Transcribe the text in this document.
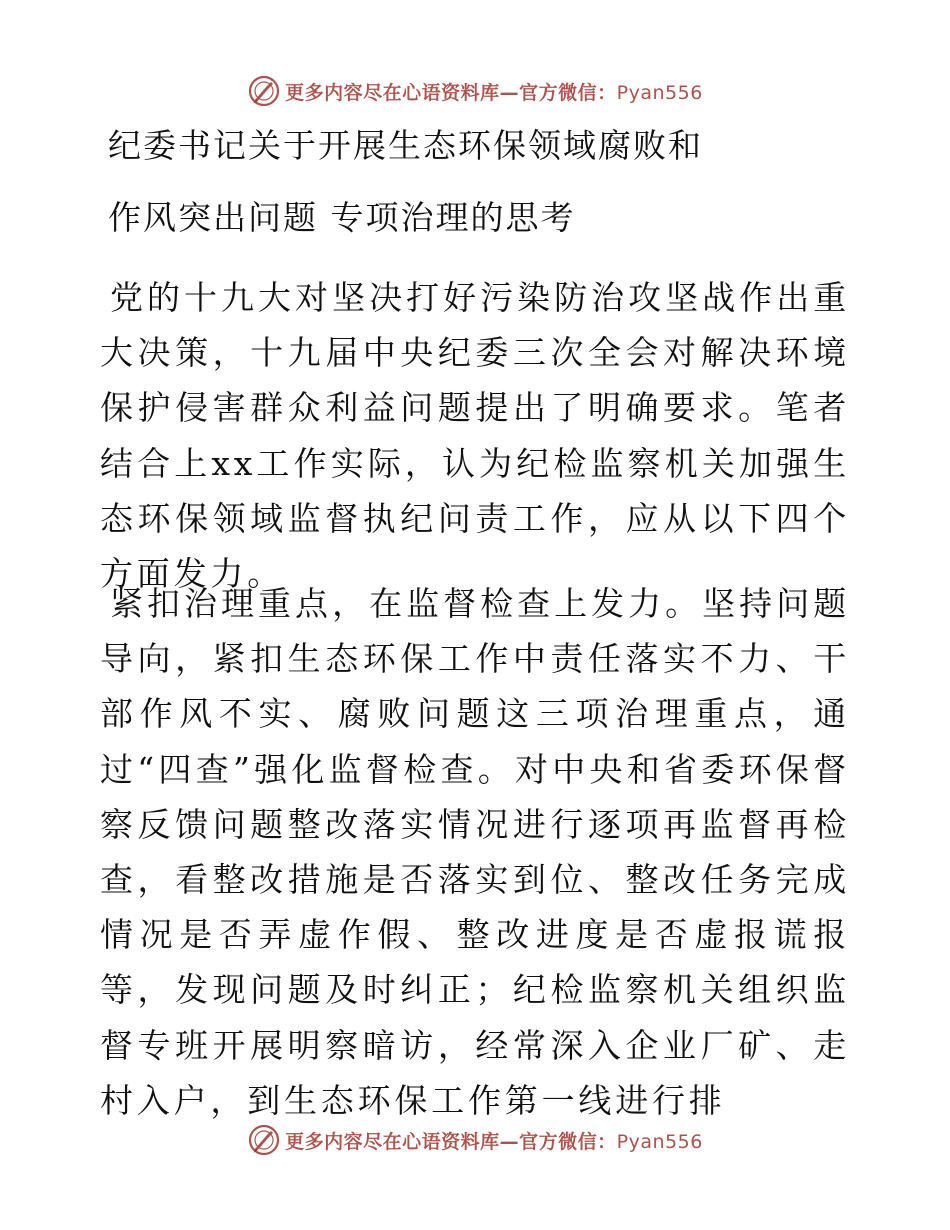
更多内容尽在心语资料库—官方微信：Pyan556
纪委书记关于开展生态环保领域腐败和
作风突出问题 专项治理的思考

党的十九大对坚决打好污染防治攻坚战作出重大决策，十九届中央纪委三次全会对解决环境保护侵害群众利益问题提出了明确要求。笔者结合上xx工作实际，认为纪检监察机关加强生态环保领域监督执纪问责工作，应从以下四个方面发力。

紧扣治理重点，在监督检查上发力。坚持问题导向，紧扣生态环保工作中责任落实不力、干部作风不实、腐败问题这三项治理重点，通过“四查”强化监督检查。对中央和省委环保督察反馈问题整改落实情况进行逐项再监督再检查，看整改措施是否落实到位、整改任务完成情况是否弄虚作假、整改进度是否虚报谎报等，发现问题及时纠正；纪检监察机关组织监督专班开展明察暗访，经常深入企业厂矿、走村入户，到生态环保工作第一线进行排

更多内容尽在心语资料库—官方微信：Pyan556
